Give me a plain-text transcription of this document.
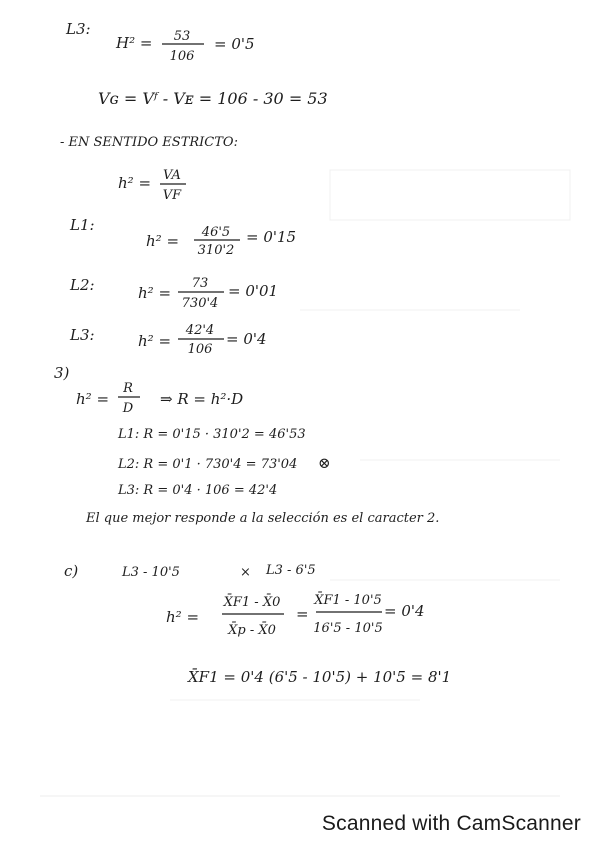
L3:
H² = 53
106
= 0'5
Vɢ = Vᶠ - Vᴇ = 106 - 30 = 53
- EN SENTIDO ESTRICTO:
h² = VA
VF
L1:
h² = 46'5
310'2
= 0'15
L2:	h² =
73
730'4
= 0'01
L3:	h² =
42'4
106
= 0'4
3)
h² =
R
D
⇒ R = h²·D
L1: R = 0'15 · 310'2 = 46'53
L2: R = 0'1 · 730'4 = 73'04 ⊗
L3: R = 0'4 · 106 = 42'4
El que mejor responde a la selección es el caracter 2.
c)	L3 - 10'5	× L3 - 6'5
h² =
X̄F1 - X̄0
X̄p - X̄0
=
X̄F1 - 10'5
16'5 - 10'5
= 0'4
X̄F1 = 0'4 (6'5 - 10'5) + 10'5 = 8'1
Scanned with CamScanner
